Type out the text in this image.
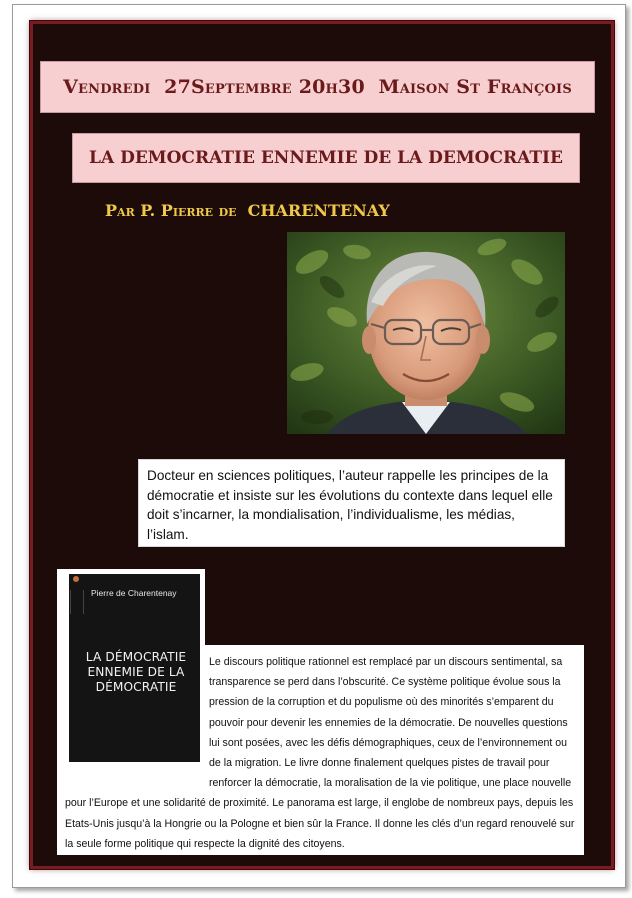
Vendredi  27Septembre 20h30  Maison St François
LA DEMOCRATIE ENNEMIE DE LA DEMOCRATIE
Par P. Pierre de  CHARENTENAY
Docteur en sciences politiques, l’auteur rappelle les principes de la démocratie et insiste sur les évolutions du contexte dans lequel elle doit s’incarner, la mondialisation, l’individualisme, les médias, l’islam.
Le discours politique rationnel est remplacé par un discours sentimental, sa transparence se perd dans l’obscurité. Ce système politique évolue sous la pression de la corruption et du populisme où des minorités s’emparent du pouvoir pour devenir les ennemies de la démocratie. De nouvelles questions lui sont posées, avec les défis démographiques, ceux de l’environnement ou de la migration. Le livre donne finalement quelques pistes de travail pour renforcer la démocratie, la moralisation de la vie politique, une place nouvelle pour l’Europe et une solidarité de proximité. Le panorama est large, il englobe de nombreux pays, depuis les Etats-Unis jusqu’à la Hongrie ou la Pologne et bien sûr la France. Il donne les clés d’un regard renouvelé sur la seule forme politique qui respecte la dignité des citoyens.
Pierre de Charentenay
LA DÉMOCRATIE
ENNEMIE DE LA
DÉMOCRATIE
